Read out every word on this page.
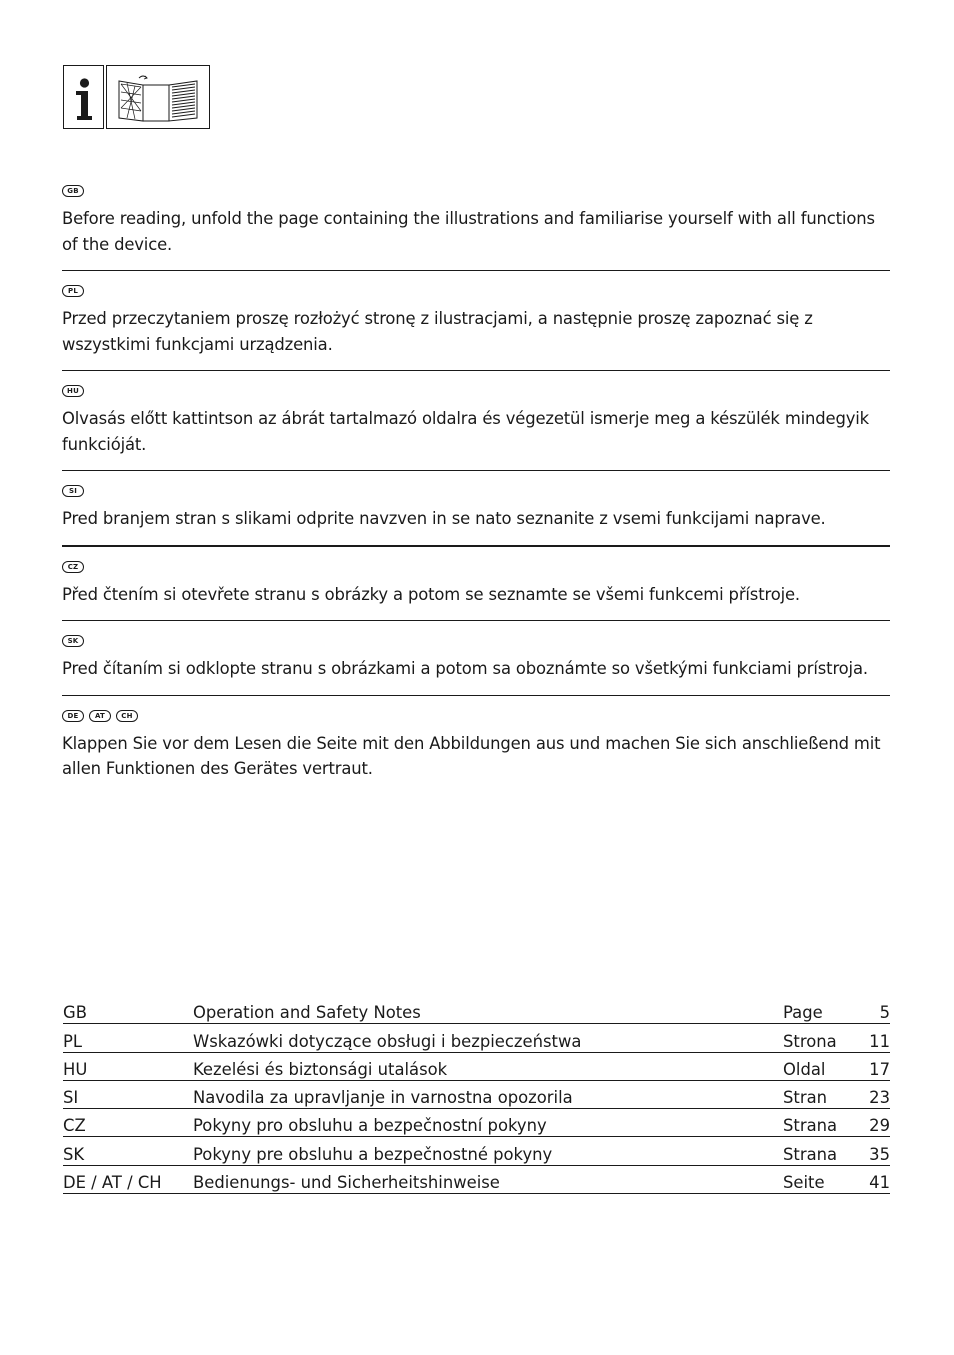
GB
Before reading, unfold the page containing the illustrations and familiarise yourself with all functions of the device.
PL
Przed przeczytaniem proszę rozłożyć stronę z ilustracjami, a następnie proszę zapoznać się z wszystkimi funkcjami urządzenia.
HU
Olvasás előtt kattintson az ábrát tartalmazó oldalra és végezetül ismerje meg a készülék mindegyik funkcióját.
SI
Pred branjem stran s slikami odprite navzven in se nato seznanite z vsemi funkcijami naprave.
CZ
Před čtením si otevřete stranu s obrázky a potom se seznamte se všemi funkcemi přístroje.
SK
Pred čítaním si odklopte stranu s obrázkami a potom sa oboznámte so všetkými funkciami prístroja.
DE	AT	CH
Klappen Sie vor dem Lesen die Seite mit den Abbildungen aus und machen Sie sich anschließend mit allen Funktionen des Gerätes vertraut.
GB	Operation and Safety Notes	Page	5
PL	Wskazówki dotyczące obsługi i bezpieczeństwa	Strona	11
HU	Kezelési és biztonsági utalások	Oldal	17
SI	Navodila za upravljanje in varnostna opozorila	Stran	23
CZ	Pokyny pro obsluhu a bezpečnostní pokyny	Strana	29
SK	Pokyny pre obsluhu a bezpečnostné pokyny	Strana	35
DE / AT / CH	Bedienungs- und Sicherheitshinweise	Seite	41
